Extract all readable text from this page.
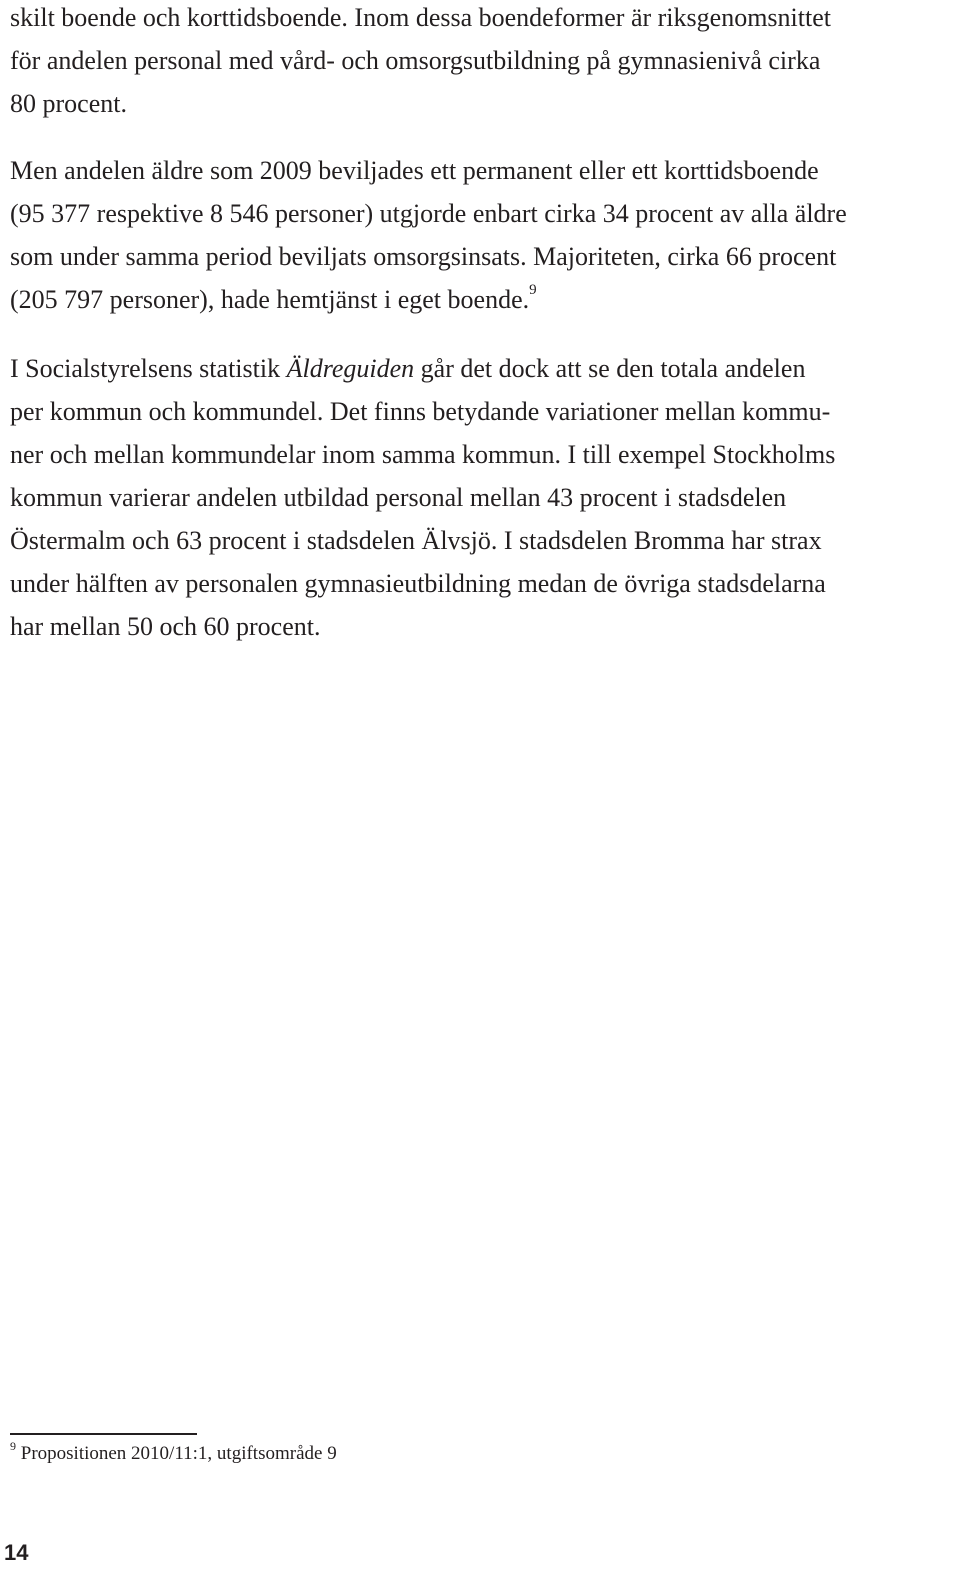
skilt boende och korttidsboende. Inom dessa boendeformer är riksgenomsnittet
för andelen personal med vård- och omsorgsutbildning på gymnasienivå cirka
80 procent.
Men andelen äldre som 2009 beviljades ett permanent eller ett korttidsboende
(95 377 respektive 8 546 personer) utgjorde enbart cirka 34 procent av alla äldre
som under samma period beviljats omsorgsinsats. Majoriteten, cirka 66 procent
(205 797 personer), hade hemtjänst i eget boende.$^9$
I Socialstyrelsens statistik Äldreguiden går det dock att se den totala andelen
per kommun och kommundel. Det finns betydande variationer mellan kommu-
ner och mellan kommundelar inom samma kommun. I till exempel Stockholms
kommun varierar andelen utbildad personal mellan 43 procent i stadsdelen
Östermalm och 63 procent i stadsdelen Älvsjö. I stadsdelen Bromma har strax
under hälften av personalen gymnasieutbildning medan de övriga stadsdelarna
har mellan 50 och 60 procent.
$^9$ Propositionen 2010/11:1, utgiftsområde 9
14
